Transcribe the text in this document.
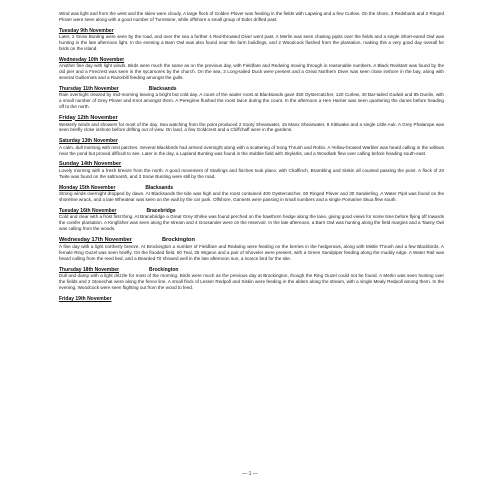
Wind was light and from the west and the skies were cloudy. A large flock of Golden Plover was feeding in the fields with Lapwing and a few Curlew. On the shore, 3 Redshank and 2 Ringed Plover were seen along with a good number of Turnstone, while offshore a small group of Eider drifted past.

Tuesday 9th November

Later, 2 Snow Bunting were seen by the road, and over the sea a further 4 Red-throated Diver went past. A Merlin was seen chasing pipits over the fields and a single Short-eared Owl was hunting in the late afternoon light. In the evening a Barn Owl was also found near the farm buildings, and 2 Woodcock flushed from the plantation, making this a very good day overall for birds on the island.

Wednesday 10th November

Another fine day with light winds. Birds were much the same as on the previous day, with Fieldfare and Redwing moving through in reasonable numbers. A Black Redstart was found by the old pier and a Firecrest was seen in the sycamores by the church. On the sea, 3 Long-tailed Duck were present and a Great Northern Diver was seen close inshore in the bay, along with several Guillemots and a Razorbill feeding amongst the gulls.

Thursday 11th November	Blacksands

Rain overnight cleared by mid-morning leaving a bright but cold day. A count of the wader roost at Blacksands gave 350 Oystercatcher, 120 Curlew, 40 Bar-tailed Godwit and 85 Dunlin, with a small number of Grey Plover and Knot amongst them. A Peregrine flushed the roost twice during the count. In the afternoon a Hen Harrier was seen quartering the dunes before heading off to the north.

Friday 12th November

Westerly winds and showers for most of the day. Sea watching from the point produced 2 Sooty Shearwater, 15 Manx Shearwater, 8 Kittiwake and a single Little Auk. A Grey Phalarope was seen briefly close inshore before drifting out of view. On land, a few Goldcrest and a Chiffchaff were in the gardens.

Saturday 13th November

A calm, dull morning with mist patches. Several Blackbirds had arrived overnight along with a scattering of Song Thrush and Robin. A Yellow-browed Warbler was heard calling in the willows near the pond but proved difficult to see. Later in the day, a Lapland Bunting was found in the stubble field with Skylarks, and a Woodlark flew over calling before heading south-east.

Sunday 14th November

Lovely morning with a fresh breeze from the north. A good movement of Starlings and finches took place, with Chaffinch, Brambling and Siskin all counted passing the point. A flock of 20 Twite was found on the saltmarsh, and 3 Snow Bunting were still by the road.

Monday 15th November	Blacksands

Strong winds overnight dropped by dawn. At Blacksands the tide was high and the roost contained 400 Oystercatcher, 60 Ringed Plover and 30 Sanderling. A Water Pipit was found on the shoreline wrack, and a late Wheatear was seen on the wall by the car park. Offshore, Gannets were passing in small numbers and a single Pomarine Skua flew south.

Tuesday 16th November	Bracebridge

Cold and clear with a frost first thing. At Bracebridge a Great Grey Shrike was found perched on the hawthorn hedge along the lane, giving good views for some time before flying off towards the conifer plantation. A Kingfisher was seen along the stream and 4 Goosander were on the reservoir. In the late afternoon, a Barn Owl was hunting along the field margins and a Tawny Owl was calling from the woods.

Wednesday 17th November	Brockington

A fine day with a light northerly breeze. At Brockington a number of Fieldfare and Redwing were feeding on the berries in the hedgerows, along with Mistle Thrush and a few Blackbirds. A female Ring Ouzel was seen briefly. On the flooded field, 60 Teal, 25 Wigeon and a pair of Shoveler were present, with a Green Sandpiper feeding along the muddy edge. A Water Rail was heard calling from the reed bed, and a Bearded Tit showed well in the late afternoon sun, a scarce bird for the site.

Thursday 18th November	Brockington

Dull and damp with a light drizzle for most of the morning. Birds were much as the previous day at Brockington, though the Ring Ouzel could not be found. A Merlin was seen hunting over the fields and 2 Stonechat were along the fence line. A small flock of Lesser Redpoll and Siskin were feeding in the alders along the stream, with a single Mealy Redpoll among them. In the evening, Woodcock were seen flighting out from the wood to feed.

Friday 19th November

— 1 —
